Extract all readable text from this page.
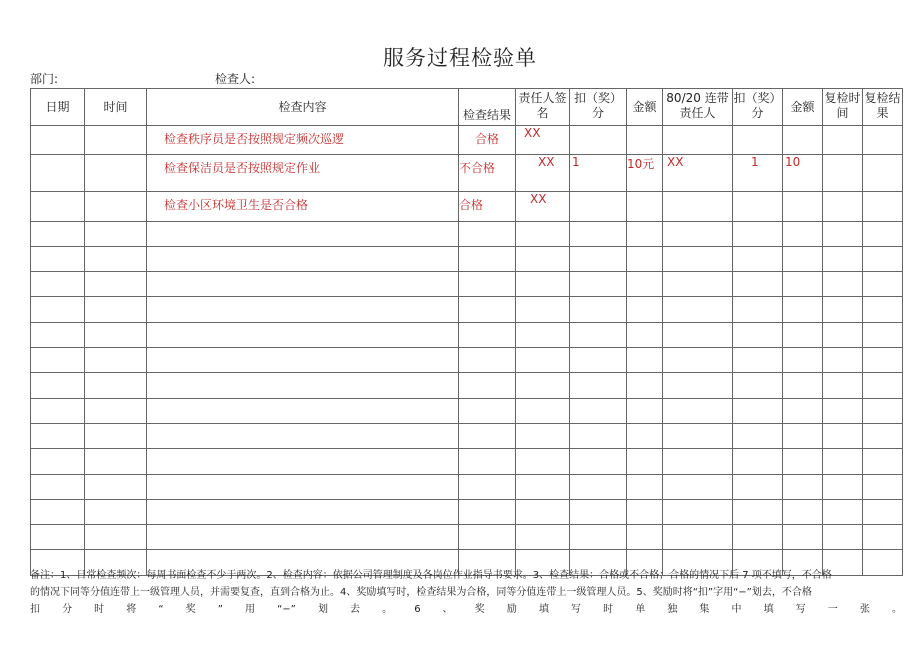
服务过程检验单
部门:	检查人:
日期	时间	检查内容	检查结果	责任人签名	扣（奖）分	金额	80/20 连带责任人	扣（奖）分	金额	复检时间	复检结果
		检查秩序员是否按照规定频次巡逻	合格	XX							
		检查保洁员是否按照规定作业	不合格	XX	1	10元	XX	1	10		
		检查小区环境卫生是否合格	合格	XX							

备注：1、日常检查频次：每周书面检查不少于两次。2、检查内容：依据公司管理制度及各岗位作业指导书要求。3、检查结果：合格或不合格；合格的情况下后 7 项不填写，不合格
的情况下同等分值连带上一级管理人员，并需要复查，直到合格为止。4、奖励填写时，检查结果为合格，同等分值连带上一级管理人员。5、奖励时将“扣”字用“−”划去，不合格
扣分时将“奖”用“−”划去。6、奖励填写时单独集中填写一张。
